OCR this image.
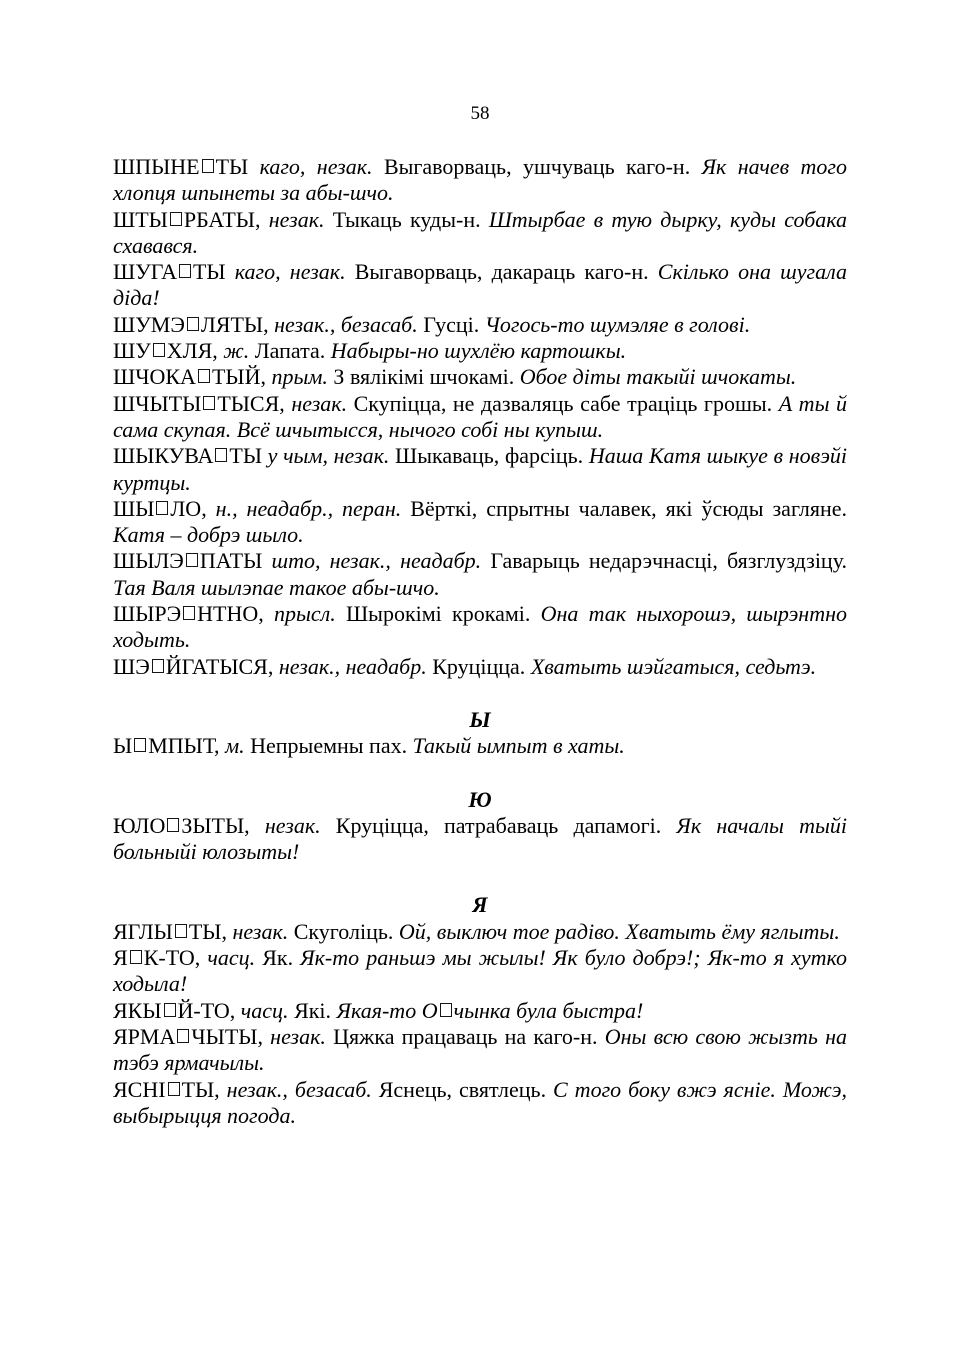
58

ШПЫНЕ ТЫ каго, незак. Выгаворваць, ушчуваць каго-н. Як начев того хлопця шпынеты за абы-шчо.

ШТЫ РБАТЫ, незак. Тыкаць куды-н. Штырбае в тую дырку, куды собака схавався.

ШУГА ТЫ каго, незак. Выгаворваць, дакараць каго-н. Скілько она шугала діда!

ШУМЭ ЛЯТЫ, незак., безасаб. Гусці. Чогось-то шумэляе в голові.

ШУ ХЛЯ, ж. Лапата. Набыры-но шухлёю картошкы.

ШЧОКА ТЫЙ, прым. З вялікімі шчокамі. Обое діты такыйі шчокаты.

ШЧЫТЫ ТЫСЯ, незак. Скупіцца, не дазваляць сабе траціць грошы. А ты й сама скупая. Всё шчытысся, нычого собі ны купыш.

ШЫКУВА ТЫ у чым, незак. Шыкаваць, фарсіць. Наша Катя шыкуе в новэйі куртцы.

ШЫ ЛО, н., неадабр., перан. Вёрткі, спрытны чалавек, які ўсюды загляне. Катя – добрэ шыло.

ШЫЛЭ ПАТЫ што, незак., неадабр. Гаварыць недарэчнасці, бязглуздзіцу. Тая Валя шылэпае такое абы-шчо.

ШЫРЭ НТНО, прысл. Шырокімі крокамі. Она так ныхорошэ, шырэнтно ходыть.

ШЭ ЙГАТЫСЯ, незак., неадабр. Круціцца. Хватыть шэйгатыся, седьтэ.

Ы

Ы МПЫТ, м. Непрыемны пах. Такый ымпыт в хаты.

Ю

ЮЛО ЗЫТЫ, незак. Круціцца, патрабаваць дапамогі. Як началы тыйі больныйі юлозыты!

Я

ЯГЛЫ ТЫ, незак. Скуголіць. Ой, выключ тое радіво. Хватыть ёму яглыты.

Я К-ТО, часц. Як. Як-то раньшэ мы жылы! Як було добрэ!; Як-то я хутко ходыла!

ЯКЫ Й-ТО, часц. Які. Якая-то О чынка була быстра!

ЯРМА ЧЫТЫ, незак. Цяжка працаваць на каго-н. Оны всю свою жызть на тэбэ ярмачылы.

ЯСНІ ТЫ, незак., безасаб. Яснець, святлець. С того боку вжэ ясніе. Можэ, выбырыцця погода.
